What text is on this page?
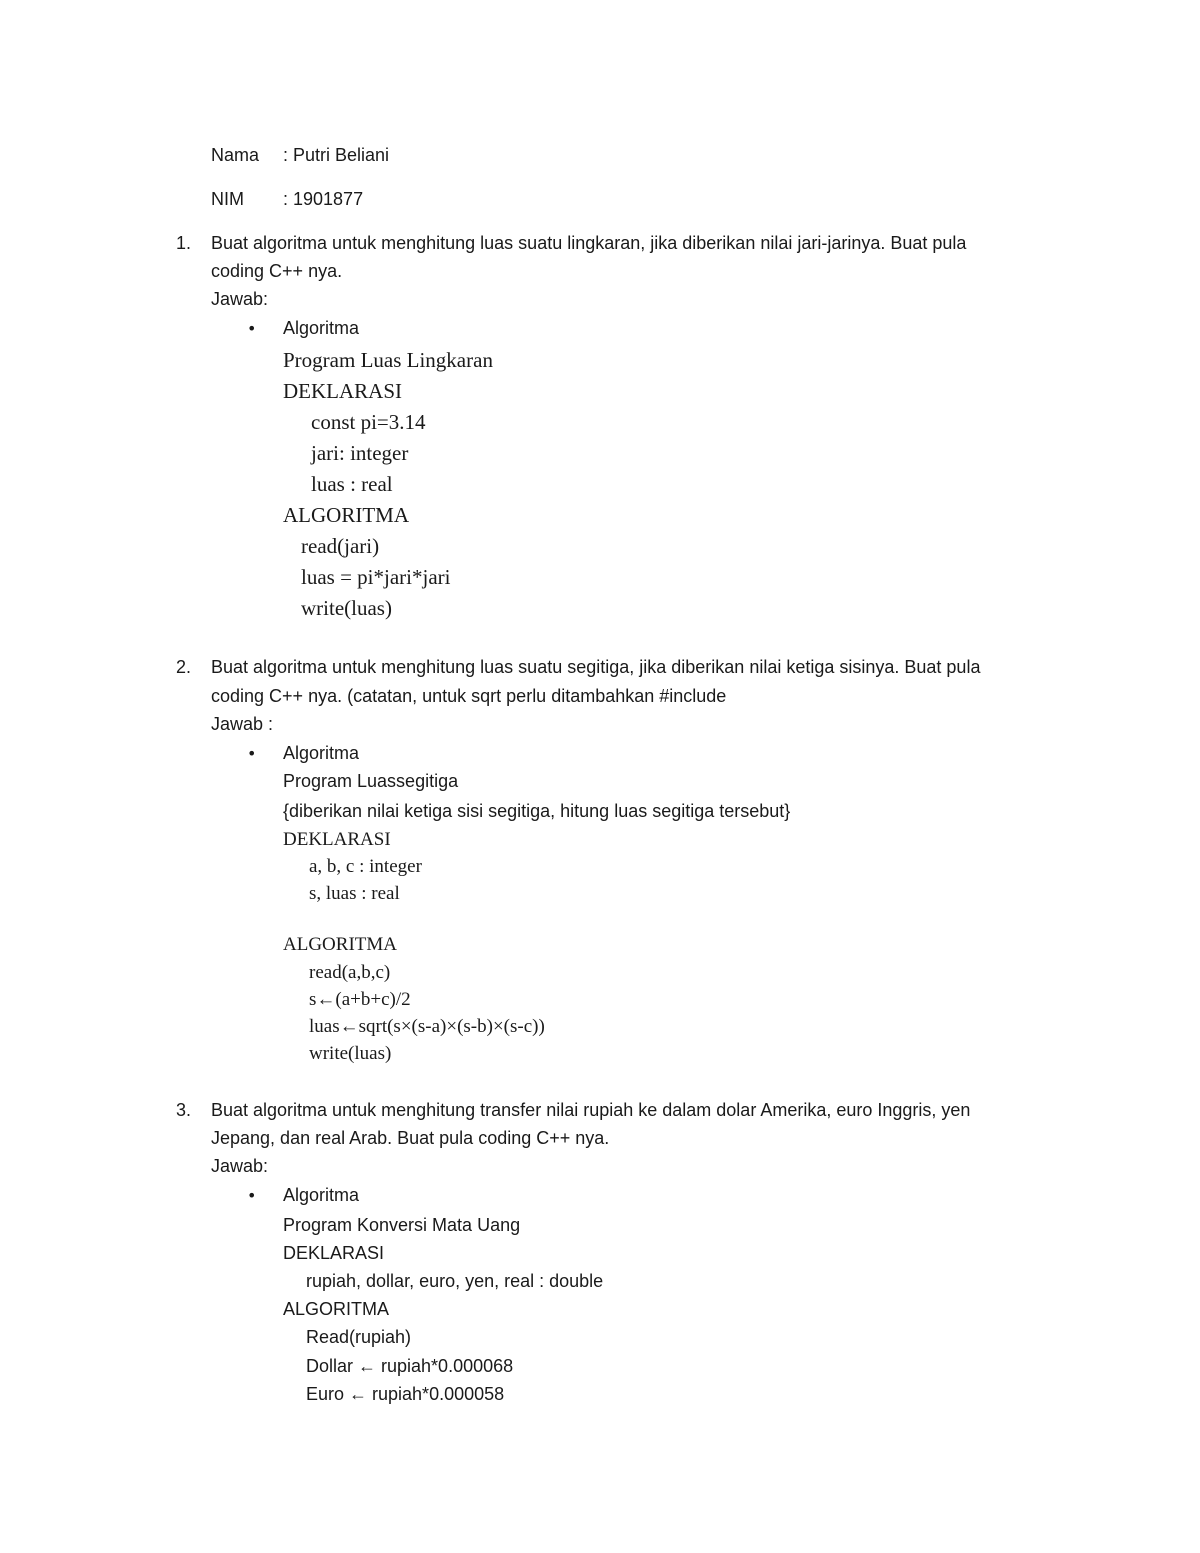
Nama : Putri Beliani
NIM : 1901877
1. Buat algoritma untuk menghitung luas suatu lingkaran, jika diberikan nilai jari-jarinya. Buat pula
coding C++ nya.
Jawab:
• Algoritma
Program Luas Lingkaran
DEKLARASI
const pi=3.14
jari: integer
luas : real
ALGORITMA
read(jari)
luas = pi*jari*jari
write(luas)
2. Buat algoritma untuk menghitung luas suatu segitiga, jika diberikan nilai ketiga sisinya. Buat pula
coding C++ nya. (catatan, untuk sqrt perlu ditambahkan #include
Jawab :
• Algoritma
Program Luassegitiga
{diberikan nilai ketiga sisi segitiga, hitung luas segitiga tersebut}
DEKLARASI
a, b, c : integer
s, luas : real
ALGORITMA
read(a,b,c)
s←(a+b+c)/2
luas←sqrt(s×(s-a)×(s-b)×(s-c))
write(luas)
3. Buat algoritma untuk menghitung transfer nilai rupiah ke dalam dolar Amerika, euro Inggris, yen
Jepang, dan real Arab. Buat pula coding C++ nya.
Jawab:
• Algoritma
Program Konversi Mata Uang
DEKLARASI
rupiah, dollar, euro, yen, real : double
ALGORITMA
Read(rupiah)
Dollar ← rupiah*0.000068
Euro ← rupiah*0.000058
